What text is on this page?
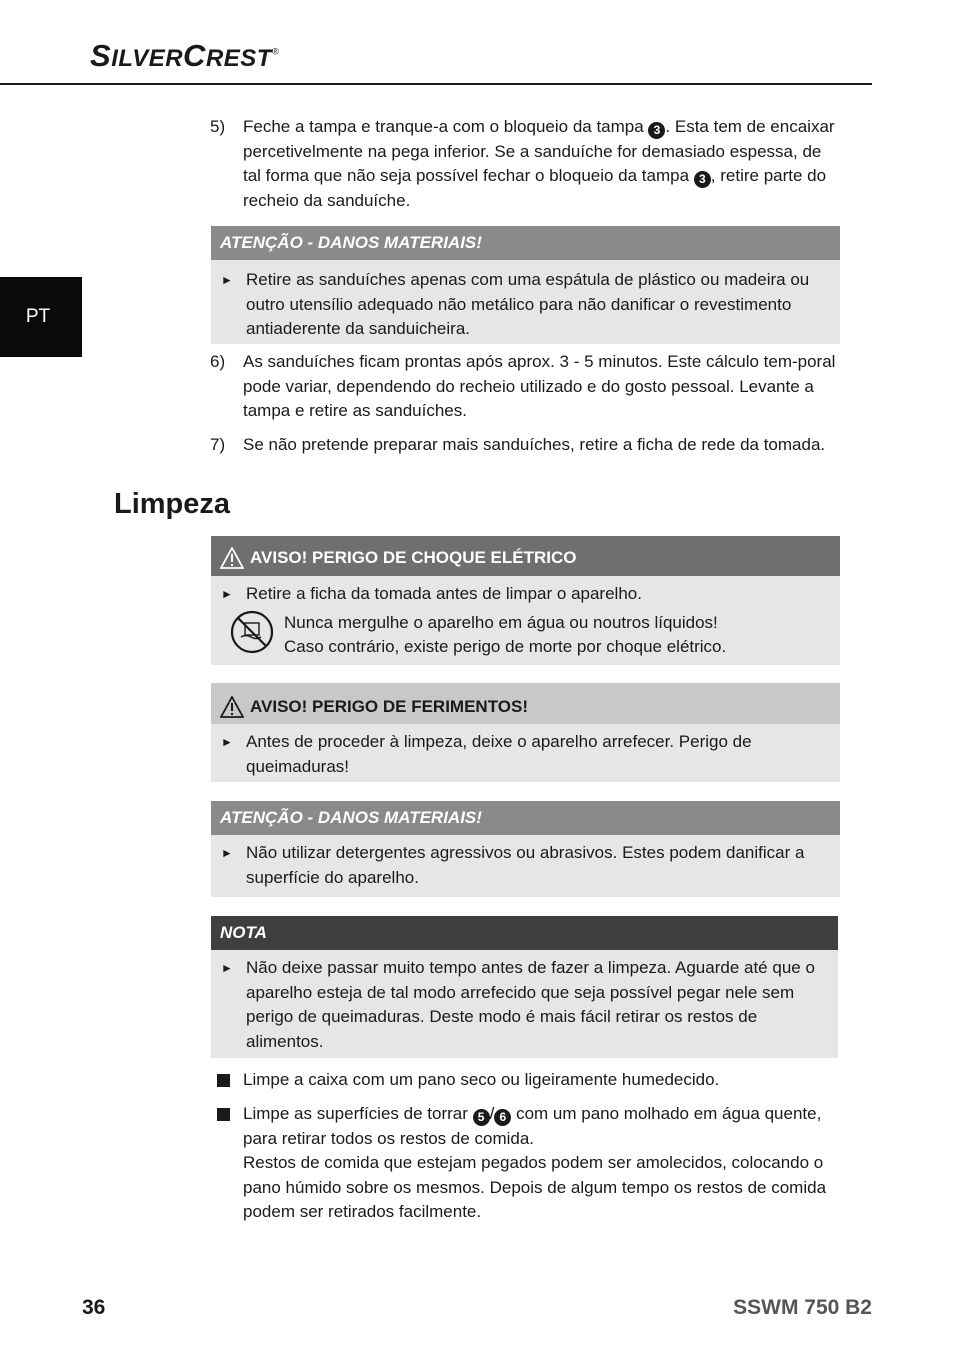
SILVERCREST®
PT
5) Feche a tampa e tranque-a com o bloqueio da tampa 3 . Esta tem de encaixar percetivelmente na pega inferior. Se a sanduíche for demasiado espessa, de tal forma que não seja possível fechar o bloqueio da tampa 3 , retire parte do recheio da sanduíche.
ATENÇÃO - DANOS MATERIAIS!
► Retire as sanduíches apenas com uma espátula de plástico ou madeira ou outro utensílio adequado não metálico para não danificar o revestimento antiaderente da sanduicheira.
6) As sanduíches ficam prontas após aprox. 3 - 5 minutos. Este cálculo tem-poral pode variar, dependendo do recheio utilizado e do gosto pessoal. Levante a tampa e retire as sanduíches.
7) Se não pretende preparar mais sanduíches, retire a ficha de rede da tomada.
Limpeza
AVISO! PERIGO DE CHOQUE ELÉTRICO
► Retire a ficha da tomada antes de limpar o aparelho.
Nunca mergulhe o aparelho em água ou noutros líquidos!
Caso contrário, existe perigo de morte por choque elétrico.
AVISO! PERIGO DE FERIMENTOS!
► Antes de proceder à limpeza, deixe o aparelho arrefecer. Perigo de queimaduras!
ATENÇÃO - DANOS MATERIAIS!
► Não utilizar detergentes agressivos ou abrasivos. Estes podem danificar a superfície do aparelho.
NOTA
► Não deixe passar muito tempo antes de fazer a limpeza. Aguarde até que o aparelho esteja de tal modo arrefecido que seja possível pegar nele sem perigo de queimaduras. Deste modo é mais fácil retirar os restos de alimentos.
Limpe a caixa com um pano seco ou ligeiramente humedecido.
Limpe as superfícies de torrar 5 / 6 com um pano molhado em água quente, para retirar todos os restos de comida.
Restos de comida que estejam pegados podem ser amolecidos, colocando o pano húmido sobre os mesmos. Depois de algum tempo os restos de comida podem ser retirados facilmente.
36	SSWM 750 B2
